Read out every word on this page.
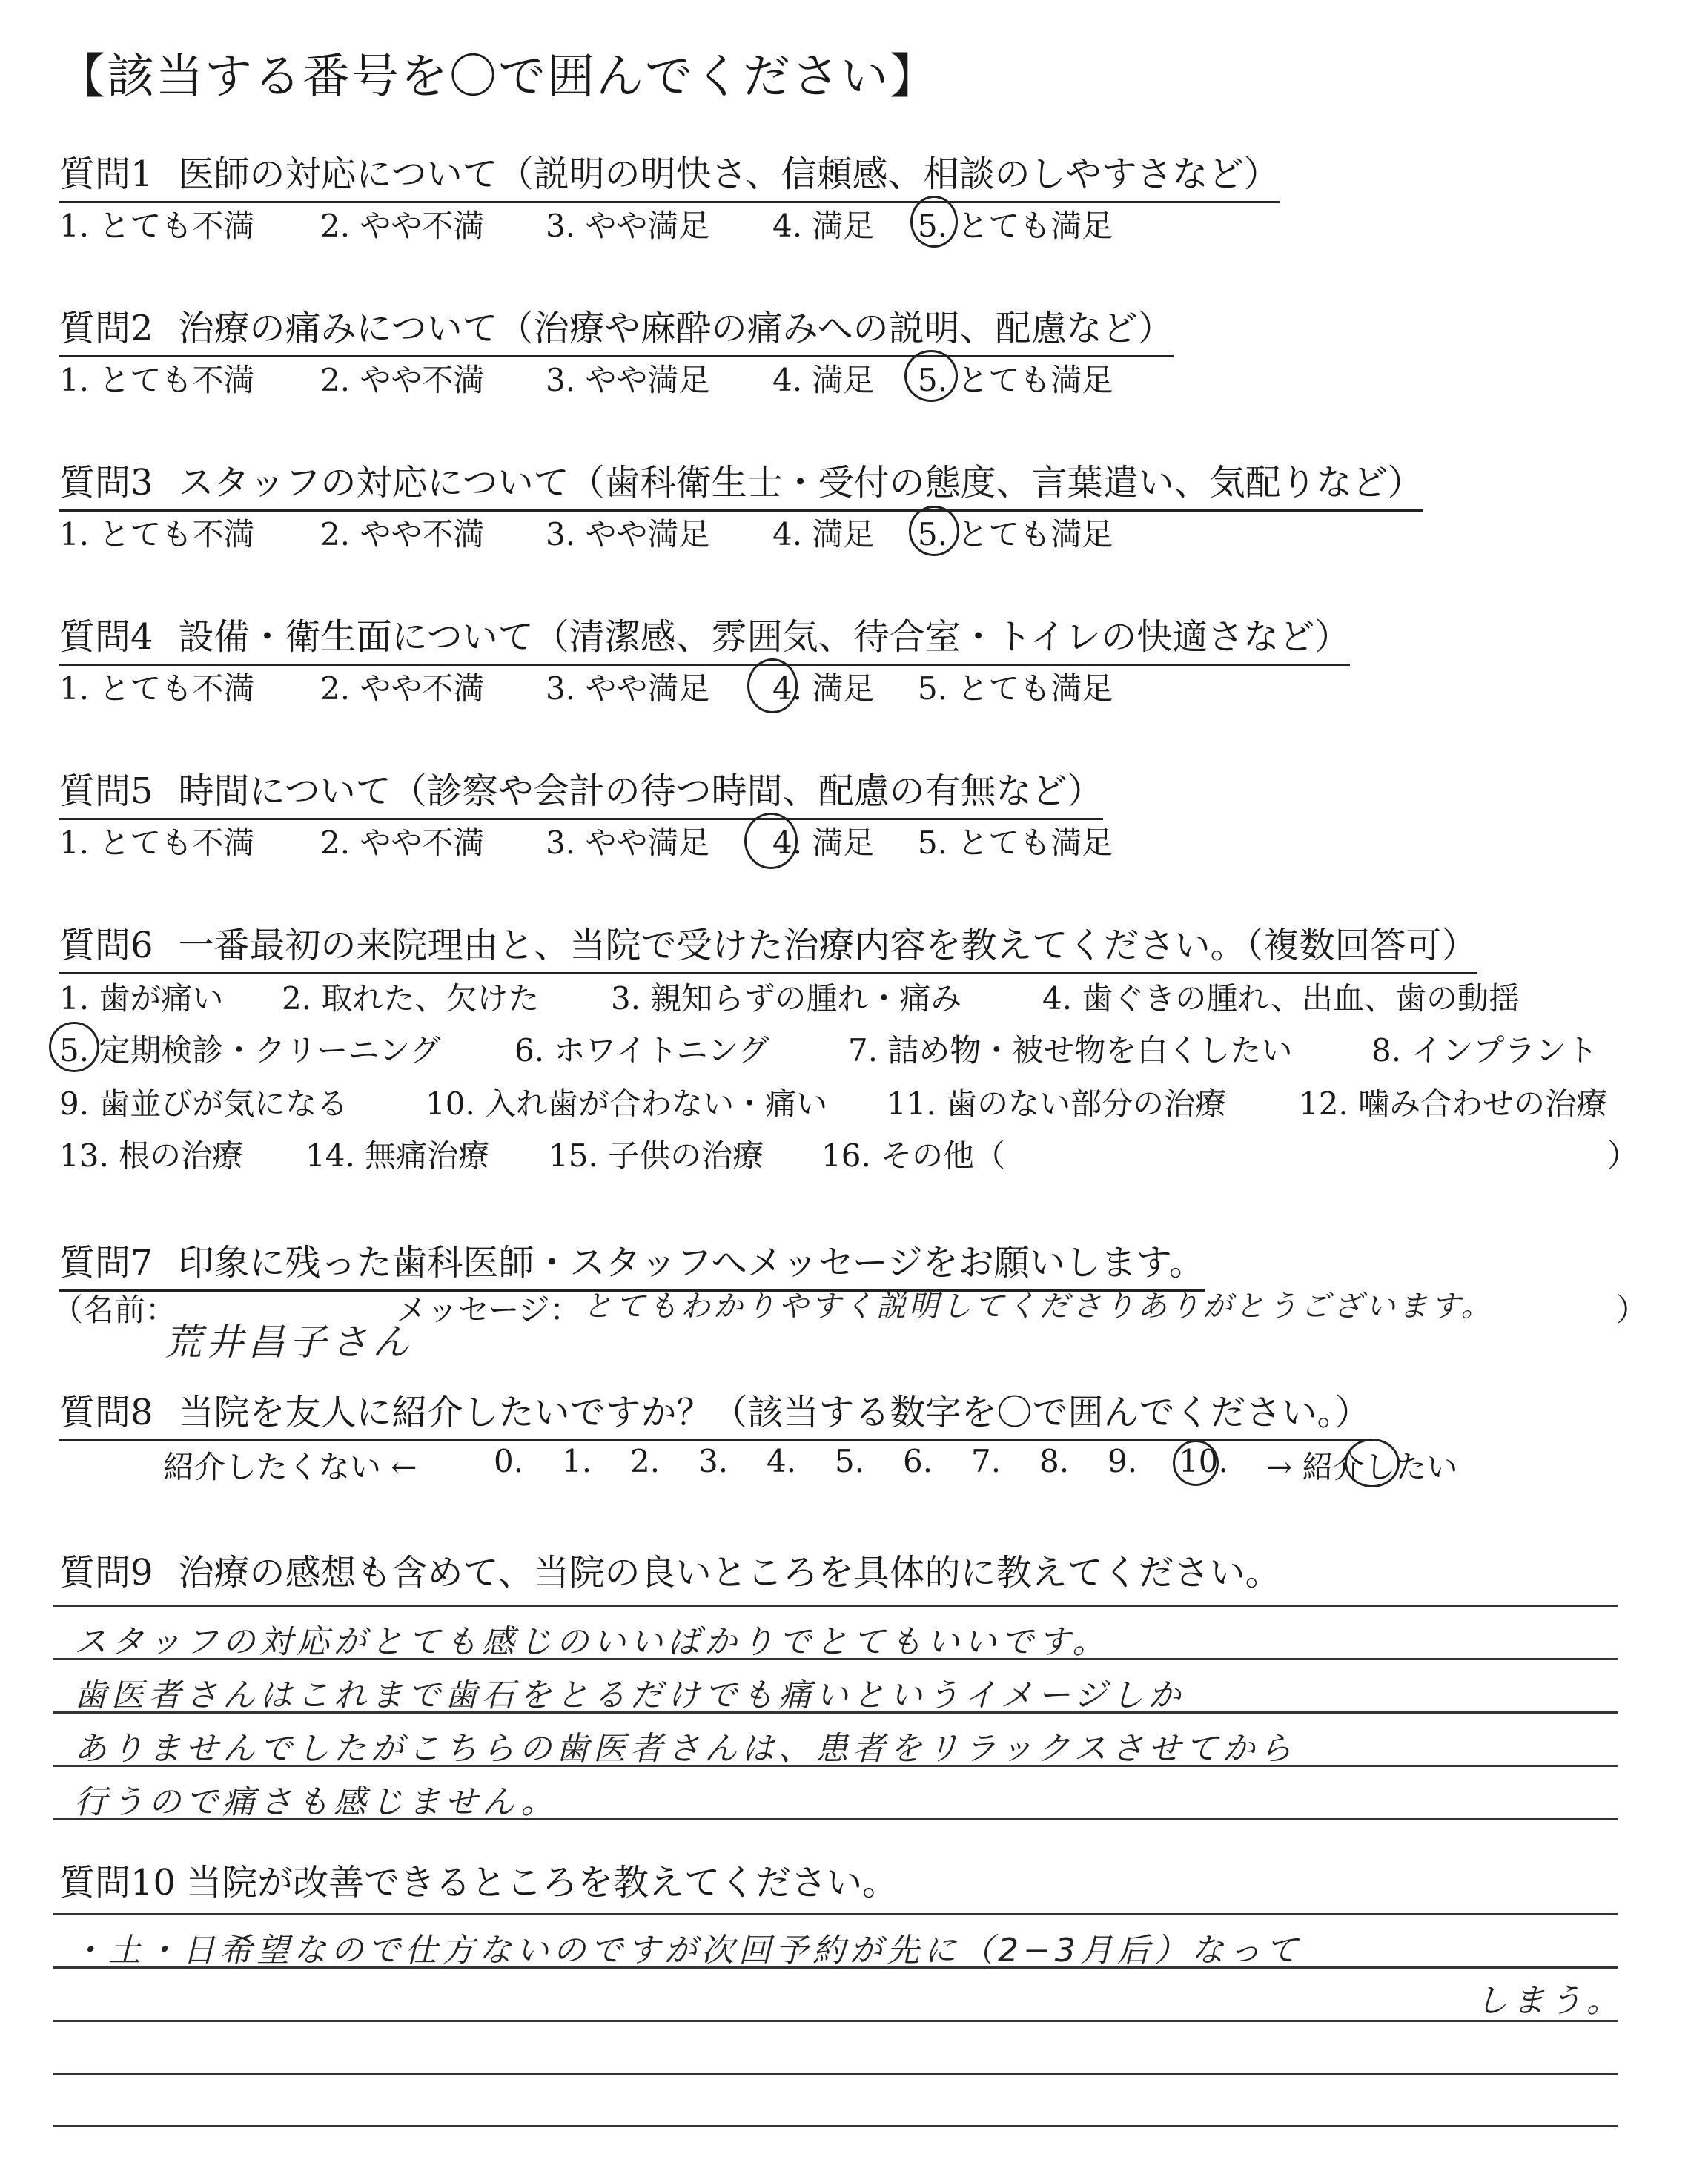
【該当する番号を〇で囲んでください】
質問1 医師の対応について（説明の明快さ、信頼感、相談のしやすさなど）
1. とても不満 2. やや不満 3. やや満足 4. 満足 5. とても満足
質問2 治療の痛みについて（治療や麻酔の痛みへの説明、配慮など）
1. とても不満 2. やや不満 3. やや満足 4. 満足 5. とても満足
質問3 スタッフの対応について（歯科衛生士・受付の態度、言葉遣い、気配りなど）
1. とても不満 2. やや不満 3. やや満足 4. 満足 5. とても満足
質問4 設備・衛生面について（清潔感、雰囲気、待合室・トイレの快適さなど）
1. とても不満 2. やや不満 3. やや満足 4. 満足 5. とても満足
質問5 時間について（診察や会計の待つ時間、配慮の有無など）
1. とても不満 2. やや不満 3. やや満足 4. 満足 5. とても満足
質問6 一番最初の来院理由と、当院で受けた治療内容を教えてください。（複数回答可）
1. 歯が痛い 2. 取れた、欠けた 3. 親知らずの腫れ・痛み	4. 歯ぐきの腫れ、出血、歯の動揺
5. 定期検診・クリーニング 6. ホワイトニング	7. 詰め物・被せ物を白くしたい	8. インプラント
9. 歯並びが気になる 10. 入れ歯が合わない・痛い 11. 歯のない部分の治療 12. 噛み合わせの治療
13. 根の治療 14. 無痛治療 15. 子供の治療 16. その他（	）
質問7 印象に残った歯科医師・スタッフへメッセージをお願いします。
（名前：
荒井昌子さん
メッセージ： とてもわかりやすく説明してくださりありがとうございます。	）
質問8 当院を友人に紹介したいですか？（該当する数字を〇で囲んでください。）
紹介したくない ← 0. 1. 2. 3. 4. 5. 6. 7. 8. 9. 10. → 紹介したい
質問9 治療の感想も含めて、当院の良いところを具体的に教えてください。
スタッフの対応がとても感じのいいばかりでとてもいいです。
歯医者さんはこれまで歯石をとるだけでも痛いというイメージしか
ありませんでしたがこちらの歯医者さんは、患者をリラックスさせてから
行うので痛さも感じません。
質問10 当院が改善できるところを教えてください。
・土・日希望なので仕方ないのですが次回予約が先に（2−3月后）なって
しまう。
